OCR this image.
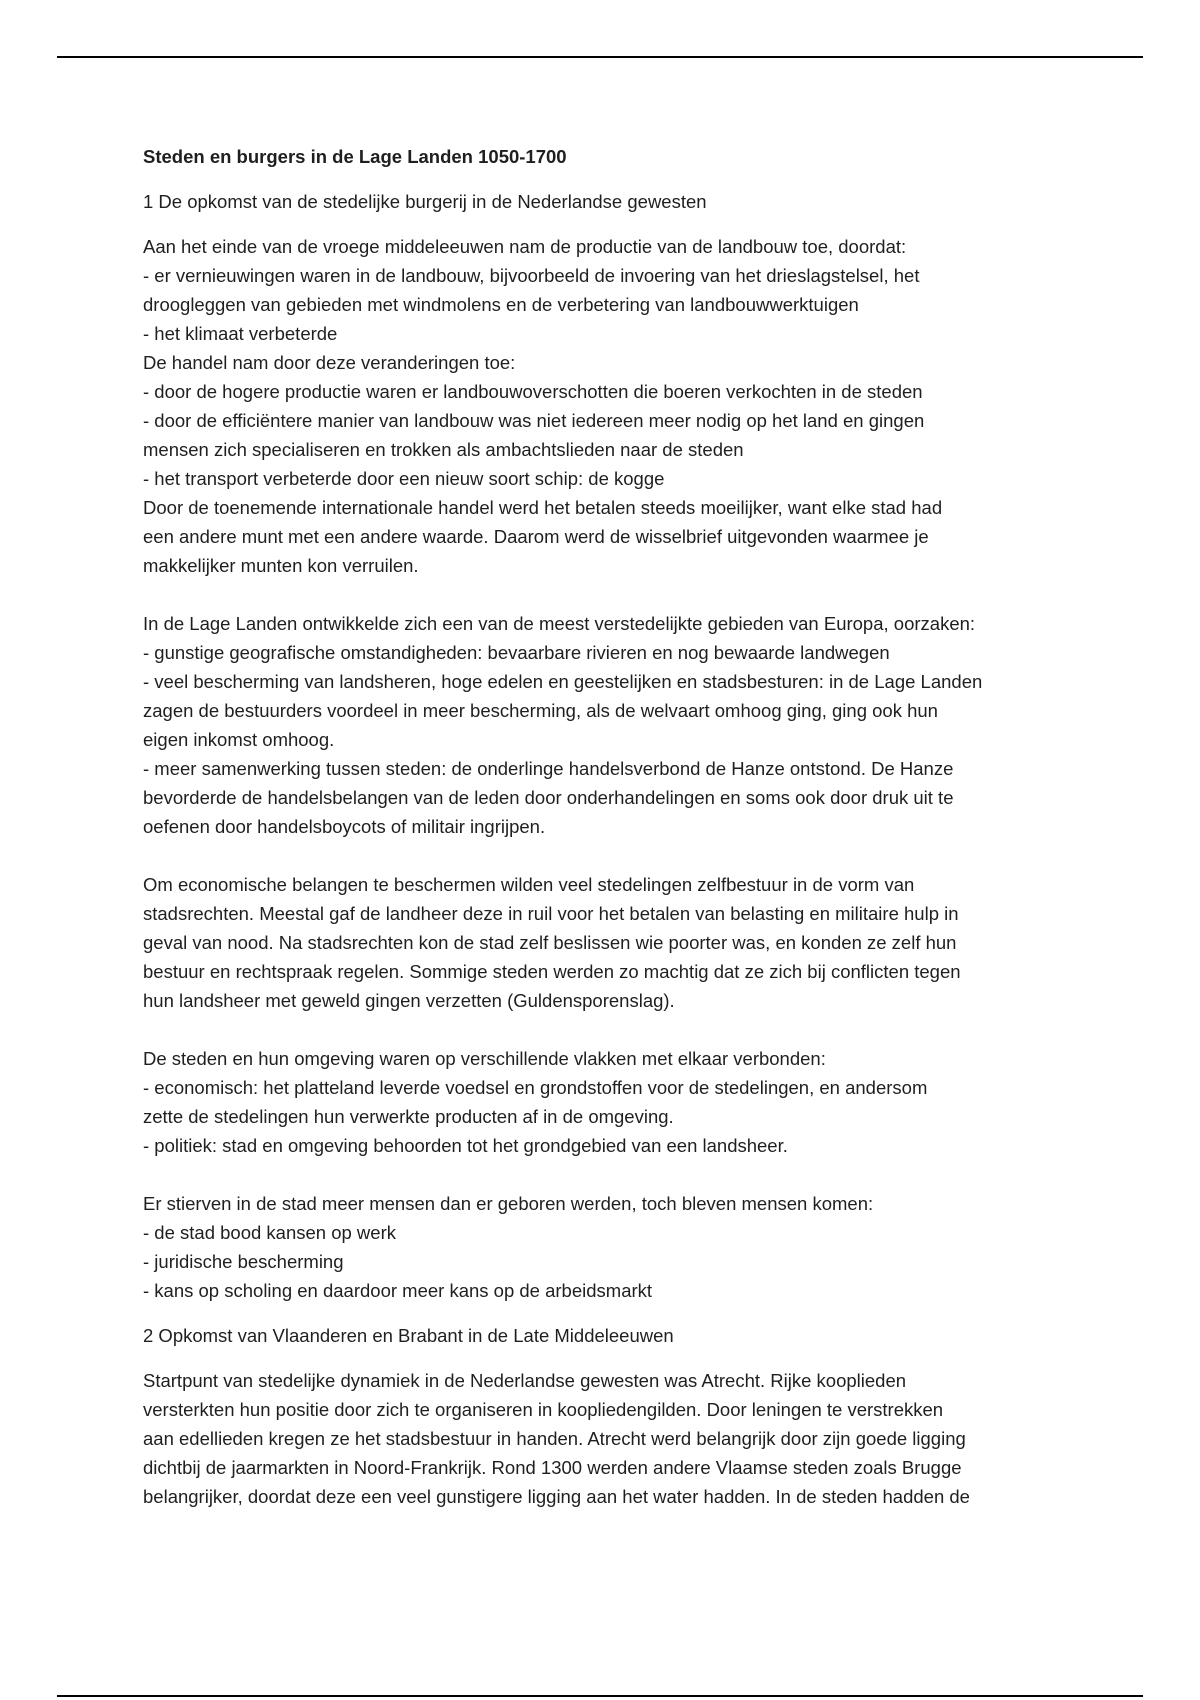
Steden en burgers in de Lage Landen 1050-1700

1 De opkomst van de stedelijke burgerij in de Nederlandse gewesten

Aan het einde van de vroege middeleeuwen nam de productie van de landbouw toe, doordat:
- er vernieuwingen waren in de landbouw, bijvoorbeeld de invoering van het drieslagstelsel, het
drooglеggen van gebieden met windmolens en de verbetering van landbouwwerktuigen
- het klimaat verbeterde
De handel nam door deze veranderingen toe:
- door de hogere productie waren er landbouwoverschotten die boeren verkochten in de steden
- door de efficiëntere manier van landbouw was niet iedereen meer nodig op het land en gingen
mensen zich specialiseren en trokken als ambachtslieden naar de steden
- het transport verbeterde door een nieuw soort schip: de kogge
Door de toenemende internationale handel werd het betalen steeds moeilijker, want elke stad had
een andere munt met een andere waarde. Daarom werd de wisselbrief uitgevonden waarmee je
makkelijker munten kon verruilen.
In de Lage Landen ontwikkelde zich een van de meest verstedelijkte gebieden van Europa, oorzaken:
- gunstige geografische omstandigheden: bevaarbare rivieren en nog bewaarde landwegen
- veel bescherming van landsheren, hoge edelen en geestelijken en stadsbesturen: in de Lage Landen
zagen de bestuurders voordeel in meer bescherming, als de welvaart omhoog ging, ging ook hun
eigen inkomst omhoog.
- meer samenwerking tussen steden: de onderlinge handelsverbond de Hanze ontstond. De Hanze
bevorderde de handelsbelangen van de leden door onderhandelingen en soms ook door druk uit te
oefenen door handelsboycots of militair ingrijpen.
Om economische belangen te beschermen wilden veel stedelingen zelfbestuur in de vorm van
stadsrechten. Meestal gaf de landheer deze in ruil voor het betalen van belasting en militaire hulp in
geval van nood. Na stadsrechten kon de stad zelf beslissen wie poorter was, en konden ze zelf hun
bestuur en rechtspraak regelen. Sommige steden werden zo machtig dat ze zich bij conflicten tegen
hun landsheer met geweld gingen verzetten (Guldensporenslag).
De steden en hun omgeving waren op verschillende vlakken met elkaar verbonden:
- economisch: het platteland leverde voedsel en grondstoffen voor de stedelingen, en andersom
zette de stedelingen hun verwerkte producten af in de omgeving.
- politiek: stad en omgeving behoorden tot het grondgebied van een landsheer.
Er stierven in de stad meer mensen dan er geboren werden, toch bleven mensen komen:
- de stad bood kansen op werk
- juridische bescherming
- kans op scholing en daardoor meer kans op de arbeidsmarkt

2 Opkomst van Vlaanderen en Brabant in de Late Middeleeuwen

Startpunt van stedelijke dynamiek in de Nederlandse gewesten was Atrecht. Rijke kooplieden
versterkten hun positie door zich te organiseren in koopliedengilden. Door leningen te verstrekken
aan edellieden kregen ze het stadsbestuur in handen. Atrecht werd belangrijk door zijn goede ligging
dichtbij de jaarmarkten in Noord-Frankrijk. Rond 1300 werden andere Vlaamse steden zoals Brugge
belangrijker, doordat deze een veel gunstigere ligging aan het water hadden. In de steden hadden de
